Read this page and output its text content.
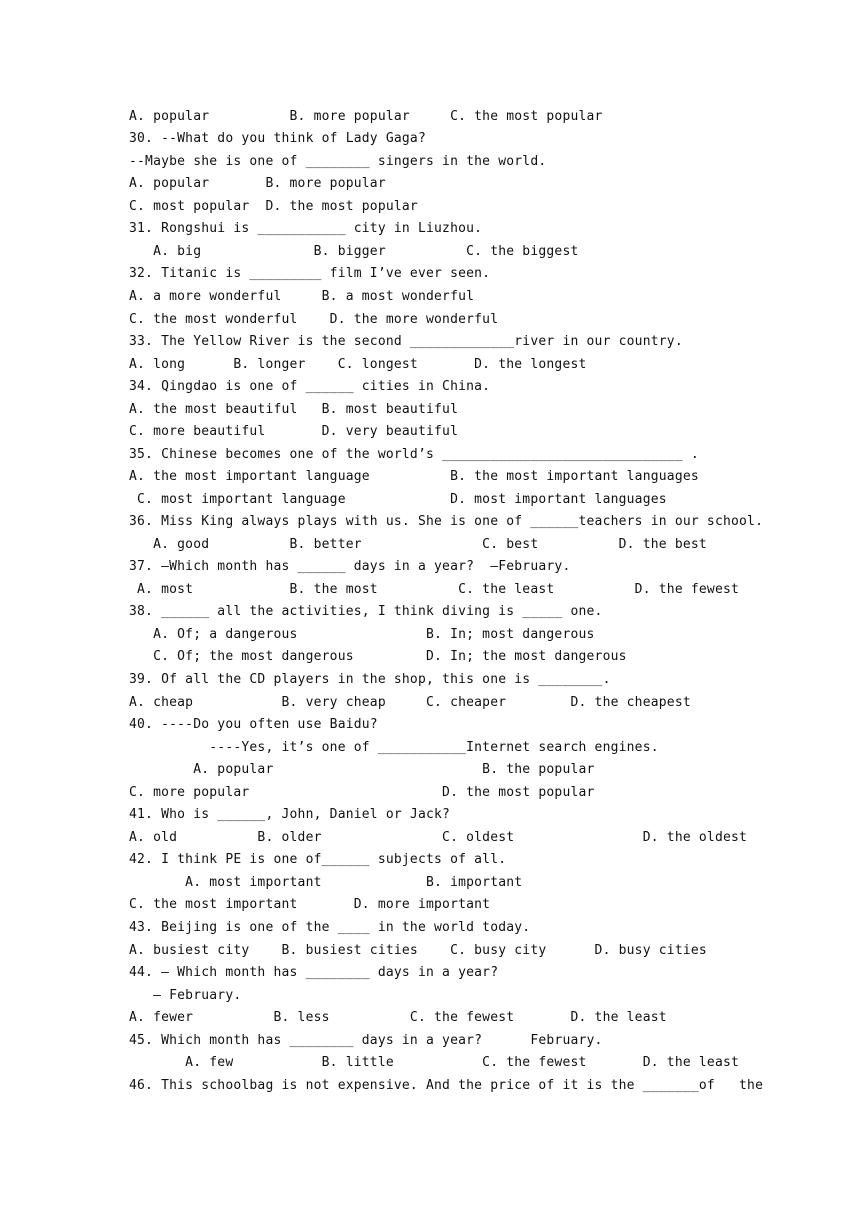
A. popular          B. more popular     C. the most popular
30. --What do you think of Lady Gaga?
--Maybe she is one of ________ singers in the world.
A. popular       B. more popular
C. most popular  D. the most popular
31. Rongshui is ___________ city in Liuzhou.
A. big              B. bigger          C. the biggest
32. Titanic is _________ film I’ve ever seen.
A. a more wonderful     B. a most wonderful
C. the most wonderful    D. the more wonderful
33. The Yellow River is the second _____________river in our country.
A. long      B. longer    C. longest       D. the longest
34. Qingdao is one of ______ cities in China.
A. the most beautiful   B. most beautiful
C. more beautiful       D. very beautiful
35. Chinese becomes one of the world’s ______________________________ .
A. the most important language          B. the most important languages
C. most important language             D. most important languages
36. Miss King always plays with us. She is one of ______teachers in our school.
A. good          B. better               C. best          D. the best
37. —Which month has ______ days in a year?  —February.
A. most            B. the most          C. the least          D. the fewest
38. ______ all the activities, I think diving is _____ one.
A. Of; a dangerous                B. In; most dangerous
C. Of; the most dangerous         D. In; the most dangerous
39. Of all the CD players in the shop, this one is ________.
A. cheap           B. very cheap     C. cheaper        D. the cheapest
40. ----Do you often use Baidu?
----Yes, it’s one of ___________Internet search engines.
A. popular                          B. the popular
C. more popular                        D. the most popular
41. Who is ______, John, Daniel or Jack?
A. old          B. older               C. oldest                D. the oldest
42. I think PE is one of______ subjects of all.
A. most important             B. important
C. the most important       D. more important
43. Beijing is one of the ____ in the world today.
A. busiest city    B. busiest cities    C. busy city      D. busy cities
44. — Which month has ________ days in a year?
— February.
A. fewer          B. less          C. the fewest       D. the least
45. Which month has ________ days in a year?      February.
A. few           B. little           C. the fewest       D. the least
46. This schoolbag is not expensive. And the price of it is the _______of   the
